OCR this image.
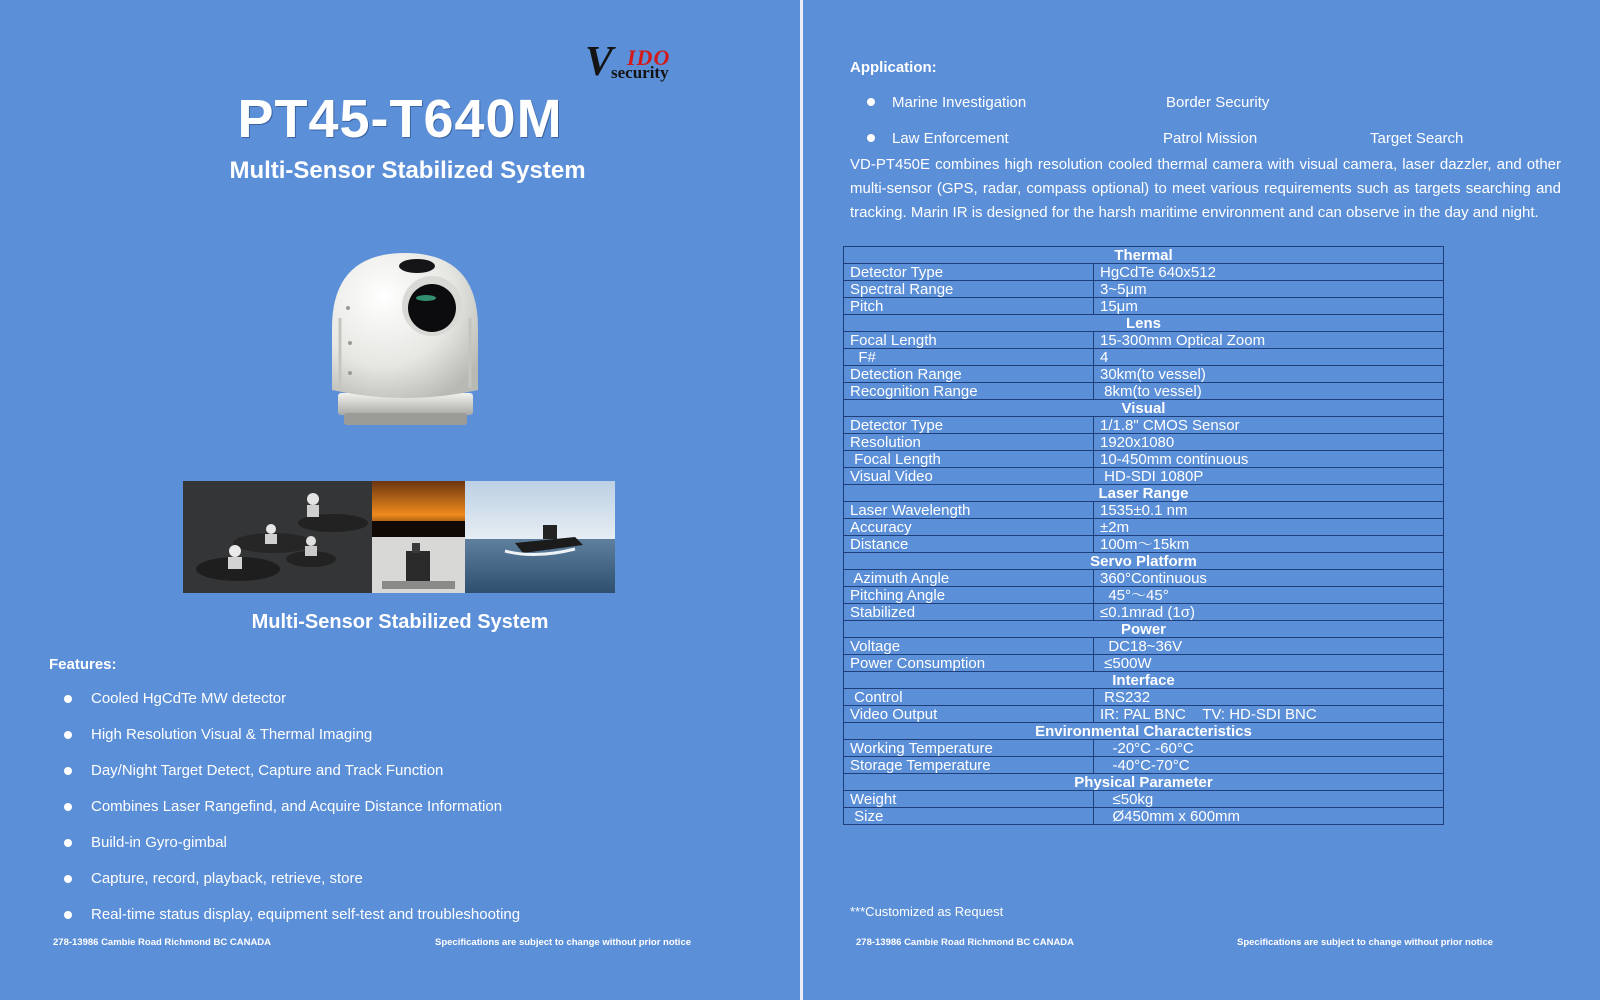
V IDO
security
PT45-T640M
Multi-Sensor Stabilized System
Multi-Sensor Stabilized System
Features:
Cooled HgCdTe MW detector
High Resolution Visual & Thermal Imaging
Day/Night Target Detect, Capture and Track Function
Combines Laser Rangefind, and Acquire Distance Information
Build-in Gyro-gimbal
Capture, record, playback, retrieve, store
Real-time status display, equipment self-test and troubleshooting
278-13986 Cambie Road Richmond BC CANADA	Specifications are subject to change without prior notice
Application:
Marine Investigation	Border Security
Law Enforcement	Patrol Mission	Target Search

VD-PT450E combines high resolution cooled thermal camera with visual camera, laser dazzler, and other multi-sensor (GPS, radar, compass optional) to meet various requirements such as targets searching and tracking. Marin IR is designed for the harsh maritime environment and can observe in the day and night.

Thermal	
Detector Type	HgCdTe 640x512
Spectral Range	3~5μm
Pitch	15μm
Lens	
Focal Length	15-300mm Optical Zoom
F#	4
Detection Range	30km(to vessel)
Recognition Range	8km(to vessel)
Visual	
Detector Type	1/1.8" CMOS Sensor
Resolution	1920x1080
Focal Length	10-450mm continuous
Visual Video	HD-SDI 1080P
Laser Range	
Laser Wavelength	1535±0.1 nm
Accuracy	±2m
Distance	100m～15km
Servo Platform	
Azimuth Angle	360°Continuous
Pitching Angle	45°～45°
Stabilized	≤0.1mrad (1σ)
Power	
Voltage	DC18~36V
Power Consumption	≤500W
Interface	
Control	RS232
Video Output	IR: PAL BNC    TV: HD-SDI BNC
Environmental Characteristics	
Working Temperature	-20°C -60°C
Storage Temperature	-40°C-70°C
Physical Parameter	
Weight	≤50kg
Size	Ø450mm x 600mm
***Customized as Request
278-13986 Cambie Road Richmond BC CANADA	Specifications are subject to change without prior notice
